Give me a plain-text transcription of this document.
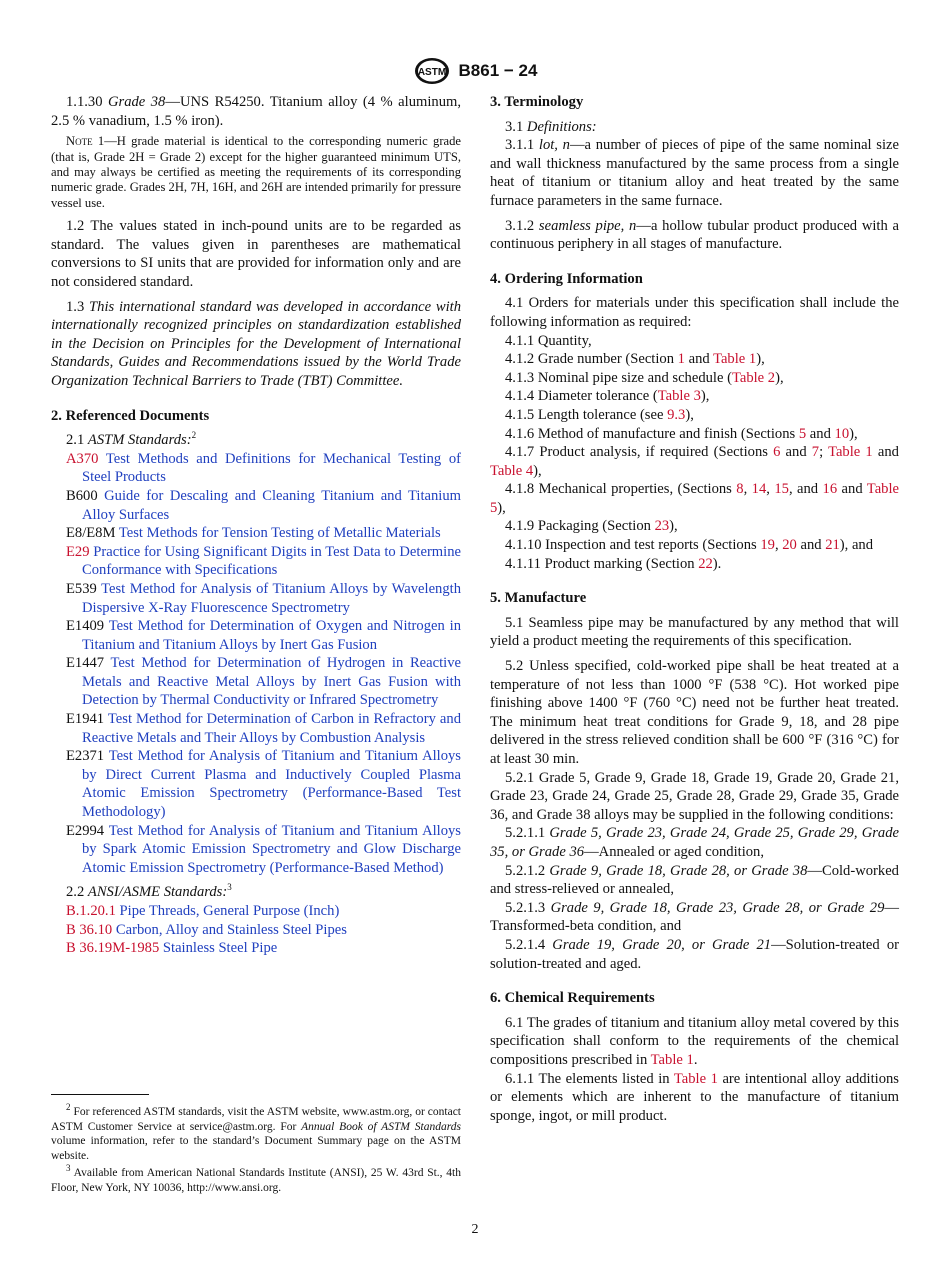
ASTM B861 − 24

1.1.30 Grade 38—UNS R54250. Titanium alloy (4 % aluminum, 2.5 % vanadium, 1.5 % iron).

Note 1—H grade material is identical to the corresponding numeric grade (that is, Grade 2H = Grade 2) except for the higher guaranteed minimum UTS, and may always be certified as meeting the requirements of its corresponding numeric grade. Grades 2H, 7H, 16H, and 26H are intended primarily for pressure vessel use.

1.2 The values stated in inch-pound units are to be regarded as standard. The values given in parentheses are mathematical conversions to SI units that are provided for information only and are not considered standard.

1.3 This international standard was developed in accordance with internationally recognized principles on standardization established in the Decision on Principles for the Development of International Standards, Guides and Recommendations issued by the World Trade Organization Technical Barriers to Trade (TBT) Committee.

2. Referenced Documents

2.1 ASTM Standards:$^2$

A370 Test Methods and Definitions for Mechanical Testing of Steel Products

B600 Guide for Descaling and Cleaning Titanium and Titanium Alloy Surfaces

E8/E8M Test Methods for Tension Testing of Metallic Materials

E29 Practice for Using Significant Digits in Test Data to Determine Conformance with Specifications

E539 Test Method for Analysis of Titanium Alloys by Wavelength Dispersive X-Ray Fluorescence Spectrometry

E1409 Test Method for Determination of Oxygen and Nitrogen in Titanium and Titanium Alloys by Inert Gas Fusion

E1447 Test Method for Determination of Hydrogen in Reactive Metals and Reactive Metal Alloys by Inert Gas Fusion with Detection by Thermal Conductivity or Infrared Spectrometry

E1941 Test Method for Determination of Carbon in Refractory and Reactive Metals and Their Alloys by Combustion Analysis

E2371 Test Method for Analysis of Titanium and Titanium Alloys by Direct Current Plasma and Inductively Coupled Plasma Atomic Emission Spectrometry (Performance-Based Test Methodology)

E2994 Test Method for Analysis of Titanium and Titanium Alloys by Spark Atomic Emission Spectrometry and Glow Discharge Atomic Emission Spectrometry (Performance-Based Method)

2.2 ANSI/ASME Standards:$^3$

B.1.20.1 Pipe Threads, General Purpose (Inch)

B 36.10 Carbon, Alloy and Stainless Steel Pipes

B 36.19M-1985 Stainless Steel Pipe

$^2$ For referenced ASTM standards, visit the ASTM website, www.astm.org, or contact ASTM Customer Service at service@astm.org. For Annual Book of ASTM Standards volume information, refer to the standard’s Document Summary page on the ASTM website.

$^3$ Available from American National Standards Institute (ANSI), 25 W. 43rd St., 4th Floor, New York, NY 10036, http://www.ansi.org.

3. Terminology

3.1 Definitions:

3.1.1 lot, n—a number of pieces of pipe of the same nominal size and wall thickness manufactured by the same process from a single heat of titanium or titanium alloy and heat treated by the same furnace parameters in the same furnace.

3.1.2 seamless pipe, n—a hollow tubular product produced with a continuous periphery in all stages of manufacture.

4. Ordering Information

4.1 Orders for materials under this specification shall include the following information as required:

4.1.1 Quantity,

4.1.2 Grade number (Section 1 and Table 1),

4.1.3 Nominal pipe size and schedule (Table 2),

4.1.4 Diameter tolerance (Table 3),

4.1.5 Length tolerance (see 9.3),

4.1.6 Method of manufacture and finish (Sections 5 and 10),

4.1.7 Product analysis, if required (Sections 6 and 7; Table 1 and Table 4),

4.1.8 Mechanical properties, (Sections 8, 14, 15, and 16 and Table 5),

4.1.9 Packaging (Section 23),

4.1.10 Inspection and test reports (Sections 19, 20 and 21), and

4.1.11 Product marking (Section 22).

5. Manufacture

5.1 Seamless pipe may be manufactured by any method that will yield a product meeting the requirements of this specification.

5.2 Unless specified, cold-worked pipe shall be heat treated at a temperature of not less than 1000 °F (538 °C). Hot worked pipe finishing above 1400 °F (760 °C) need not be further heat treated. The minimum heat treat conditions for Grade 9, 18, and 28 pipe delivered in the stress relieved condition shall be 600 °F (316 °C) for at least 30 min.

5.2.1 Grade 5, Grade 9, Grade 18, Grade 19, Grade 20, Grade 21, Grade 23, Grade 24, Grade 25, Grade 28, Grade 29, Grade 35, Grade 36, and Grade 38 alloys may be supplied in the following conditions:

5.2.1.1 Grade 5, Grade 23, Grade 24, Grade 25, Grade 29, Grade 35, or Grade 36—Annealed or aged condition,

5.2.1.2 Grade 9, Grade 18, Grade 28, or Grade 38—Cold-worked and stress-relieved or annealed,

5.2.1.3 Grade 9, Grade 18, Grade 23, Grade 28, or Grade 29—Transformed-beta condition, and

5.2.1.4 Grade 19, Grade 20, or Grade 21—Solution-treated or solution-treated and aged.

6. Chemical Requirements

6.1 The grades of titanium and titanium alloy metal covered by this specification shall conform to the requirements of the chemical compositions prescribed in Table 1.

6.1.1 The elements listed in Table 1 are intentional alloy additions or elements which are inherent to the manufacture of titanium sponge, ingot, or mill product.

2
